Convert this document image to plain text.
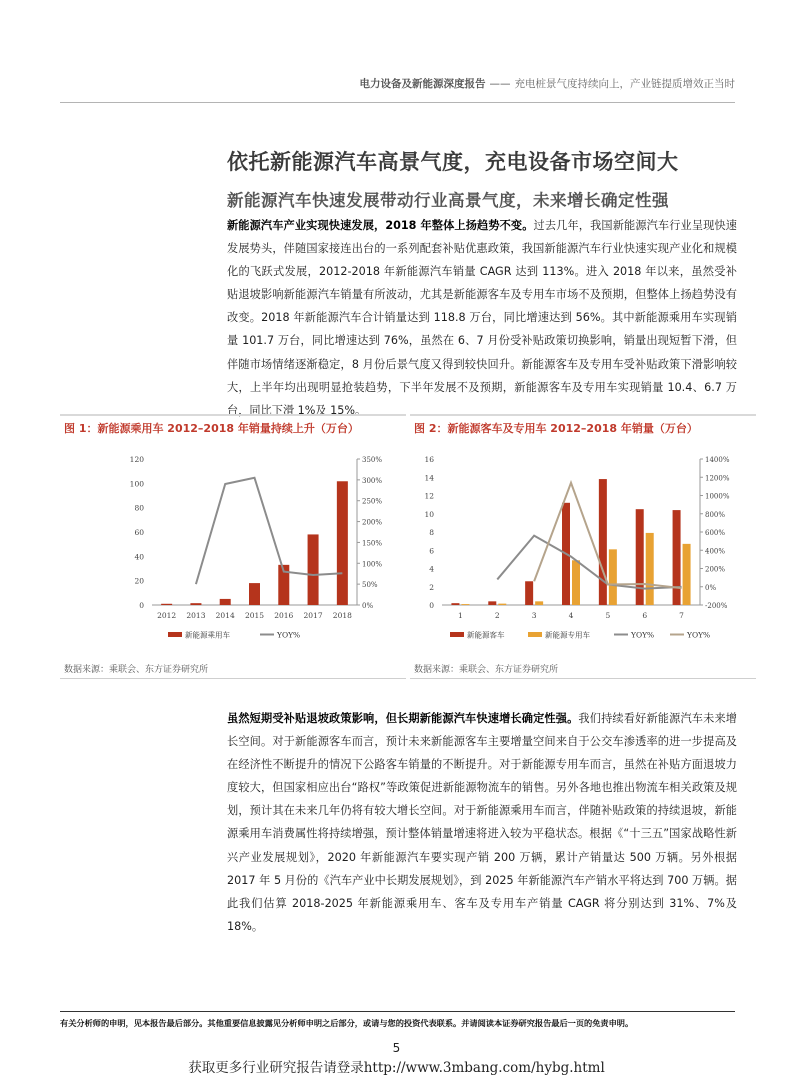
电力设备及新能源深度报告 —— 充电桩景气度持续向上，产业链提质增效正当时
依托新能源汽车高景气度，充电设备市场空间大
新能源汽车快速发展带动行业高景气度，未来增长确定性强
新能源汽车产业实现快速发展，2018 年整体上扬趋势不变。过去几年，我国新能源汽车行业呈现快速发展势头，伴随国家接连出台的一系列配套补贴优惠政策，我国新能源汽车行业快速实现产业化和规模化的飞跃式发展，2012-2018 年新能源汽车销量 CAGR 达到 113%。进入 2018 年以来，虽然受补贴退坡影响新能源汽车销量有所波动，尤其是新能源客车及专用车市场不及预期，但整体上扬趋势没有改变。2018 年新能源汽车合计销量达到 118.8 万台，同比增速达到 56%。其中新能源乘用车实现销量 101.7 万台，同比增速达到 76%，虽然在 6、7 月份受补贴政策切换影响，销量出现短暂下滑，但伴随市场情绪逐渐稳定，8 月份后景气度又得到较快回升。新能源客车及专用车受补贴政策下滑影响较大，上半年均出现明显抢装趋势，下半年发展不及预期，新能源客车及专用车实现销量 10.4、6.7 万台，同比下滑 1%及 15%。
图 1：新能源乘用车 2012–2018 年销量持续上升（万台）
0
20
40
60
80
100
120
0%
50%
100%
150%
200%
250%
300%
350%
2012 2013 2014 2015 2016 2017 2018
新能源乘用车	YOY%
数据来源：乘联会、东方证券研究所
图 2：新能源客车及专用车 2012–2018 年销量（万台）
0
2
4
6
8
10
12
14
16
-200%
0%
200%
400%
600%
800%
1000%
1200%
1400%
1	2	3	4	5	6	7
新能源客车	新能源专用车	YOY%	YOY%
数据来源：乘联会、东方证券研究所
虽然短期受补贴退坡政策影响，但长期新能源汽车快速增长确定性强。我们持续看好新能源汽车未来增长空间。对于新能源客车而言，预计未来新能源客车主要增量空间来自于公交车渗透率的进一步提高及在经济性不断提升的情况下公路客车销量的不断提升。对于新能源专用车而言，虽然在补贴方面退坡力度较大，但国家相应出台“路权”等政策促进新能源物流车的销售。另外各地也推出物流车相关政策及规划，预计其在未来几年仍将有较大增长空间。对于新能源乘用车而言，伴随补贴政策的持续退坡，新能源乘用车消费属性将持续增强，预计整体销量增速将进入较为平稳状态。根据《“十三五”国家战略性新兴产业发展规划》，2020 年新能源汽车要实现产销 200 万辆，累计产销量达 500 万辆。另外根据 2017 年 5 月份的《汽车产业中长期发展规划》，到 2025 年新能源汽车产销水平将达到 700 万辆。据此我们估算 2018-2025 年新能源乘用车、客车及专用车产销量 CAGR 将分别达到 31%、7%及 18%。
有关分析师的申明，见本报告最后部分。其他重要信息披露见分析师申明之后部分，或请与您的投资代表联系。并请阅读本证券研究报告最后一页的免责申明。
5
获取更多行业研究报告请登录http://www.3mbang.com/hybg.html
